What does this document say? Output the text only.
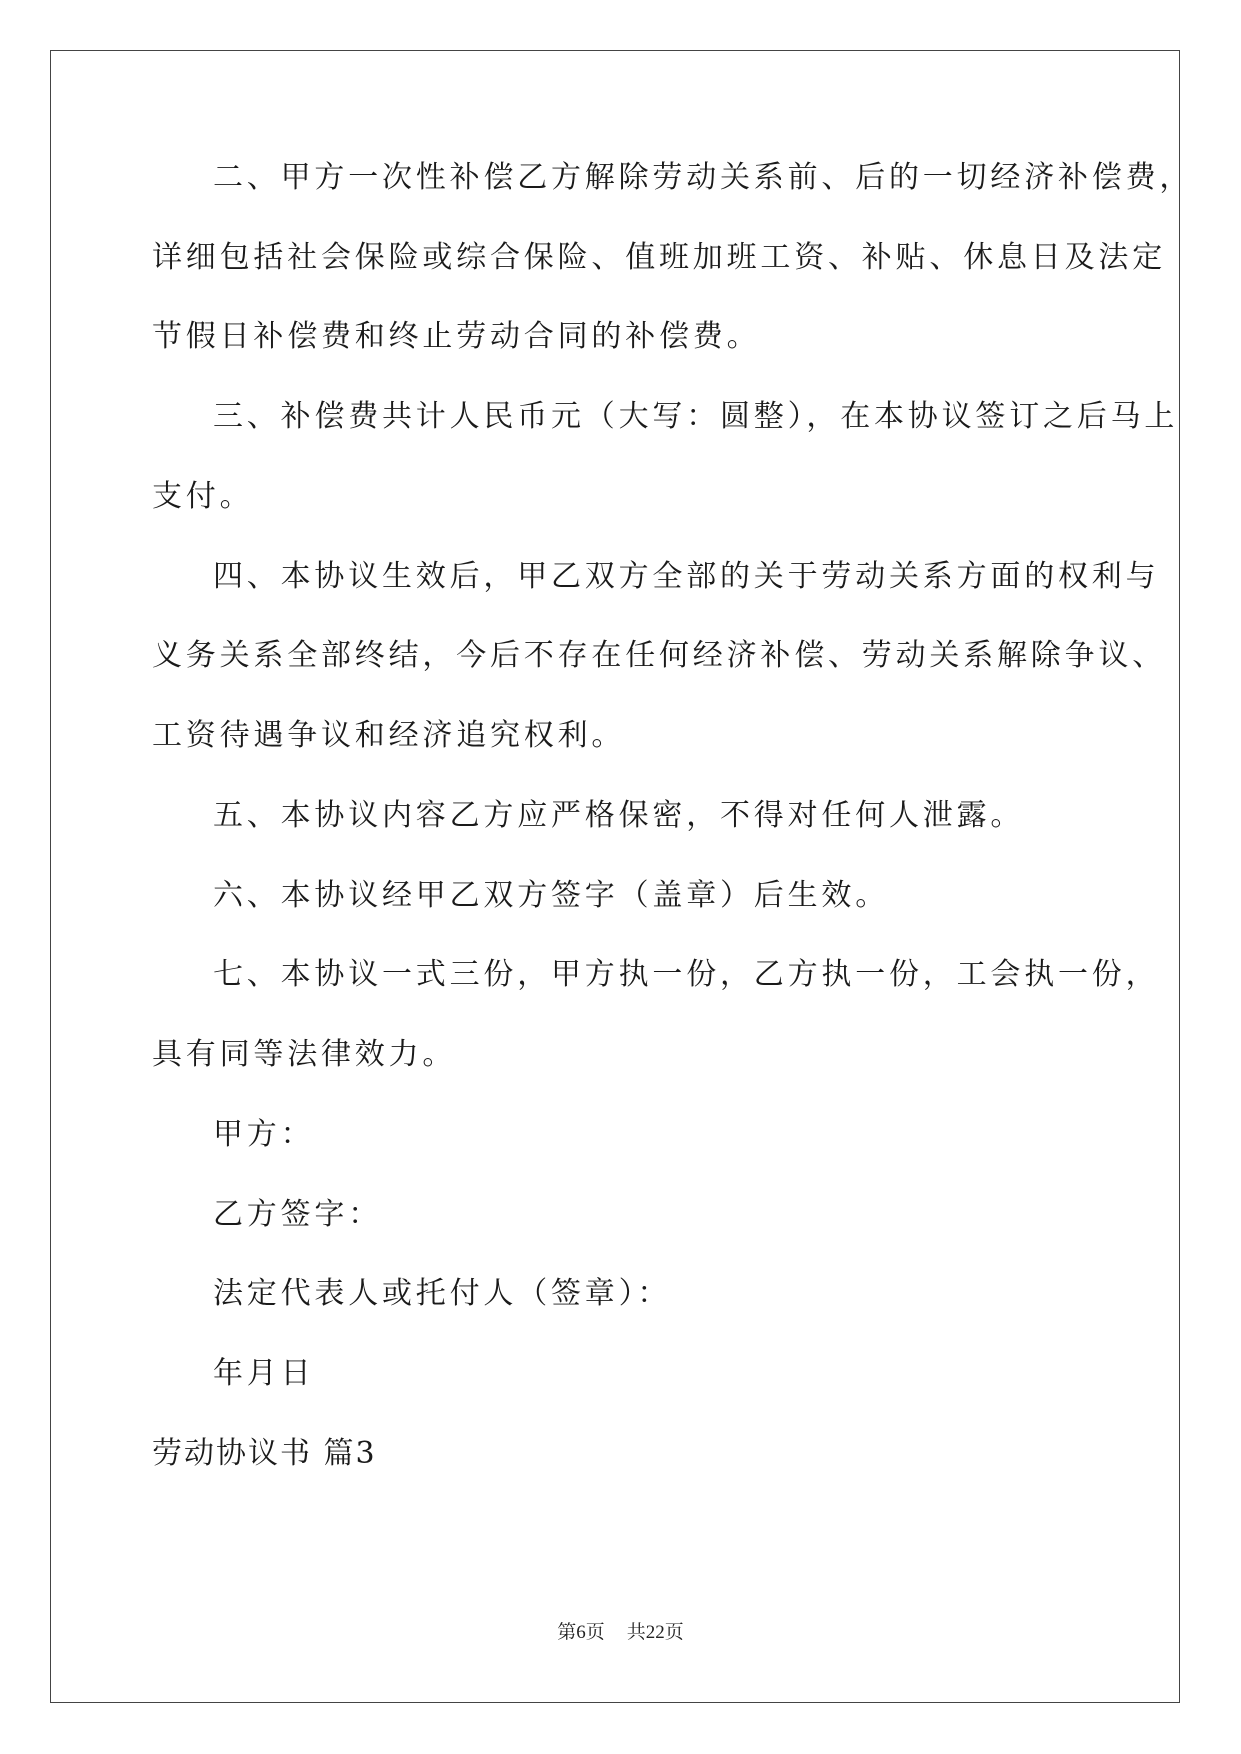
二、甲方一次性补偿乙方解除劳动关系前、后的一切经济补偿费，
详细包括社会保险或综合保险、值班加班工资、补贴、休息日及法定
节假日补偿费和终止劳动合同的补偿费。
三、补偿费共计人民币元（大写：圆整），在本协议签订之后马上
支付。
四、本协议生效后，甲乙双方全部的关于劳动关系方面的权利与
义务关系全部终结，今后不存在任何经济补偿、劳动关系解除争议、
工资待遇争议和经济追究权利。
五、本协议内容乙方应严格保密，不得对任何人泄露。
六、本协议经甲乙双方签字（盖章）后生效。
七、本协议一式三份，甲方执一份，乙方执一份，工会执一份，
具有同等法律效力。
甲方：
乙方签字：
法定代表人或托付人（签章）：
年月日
劳动协议书 篇3
第6页 共22页
